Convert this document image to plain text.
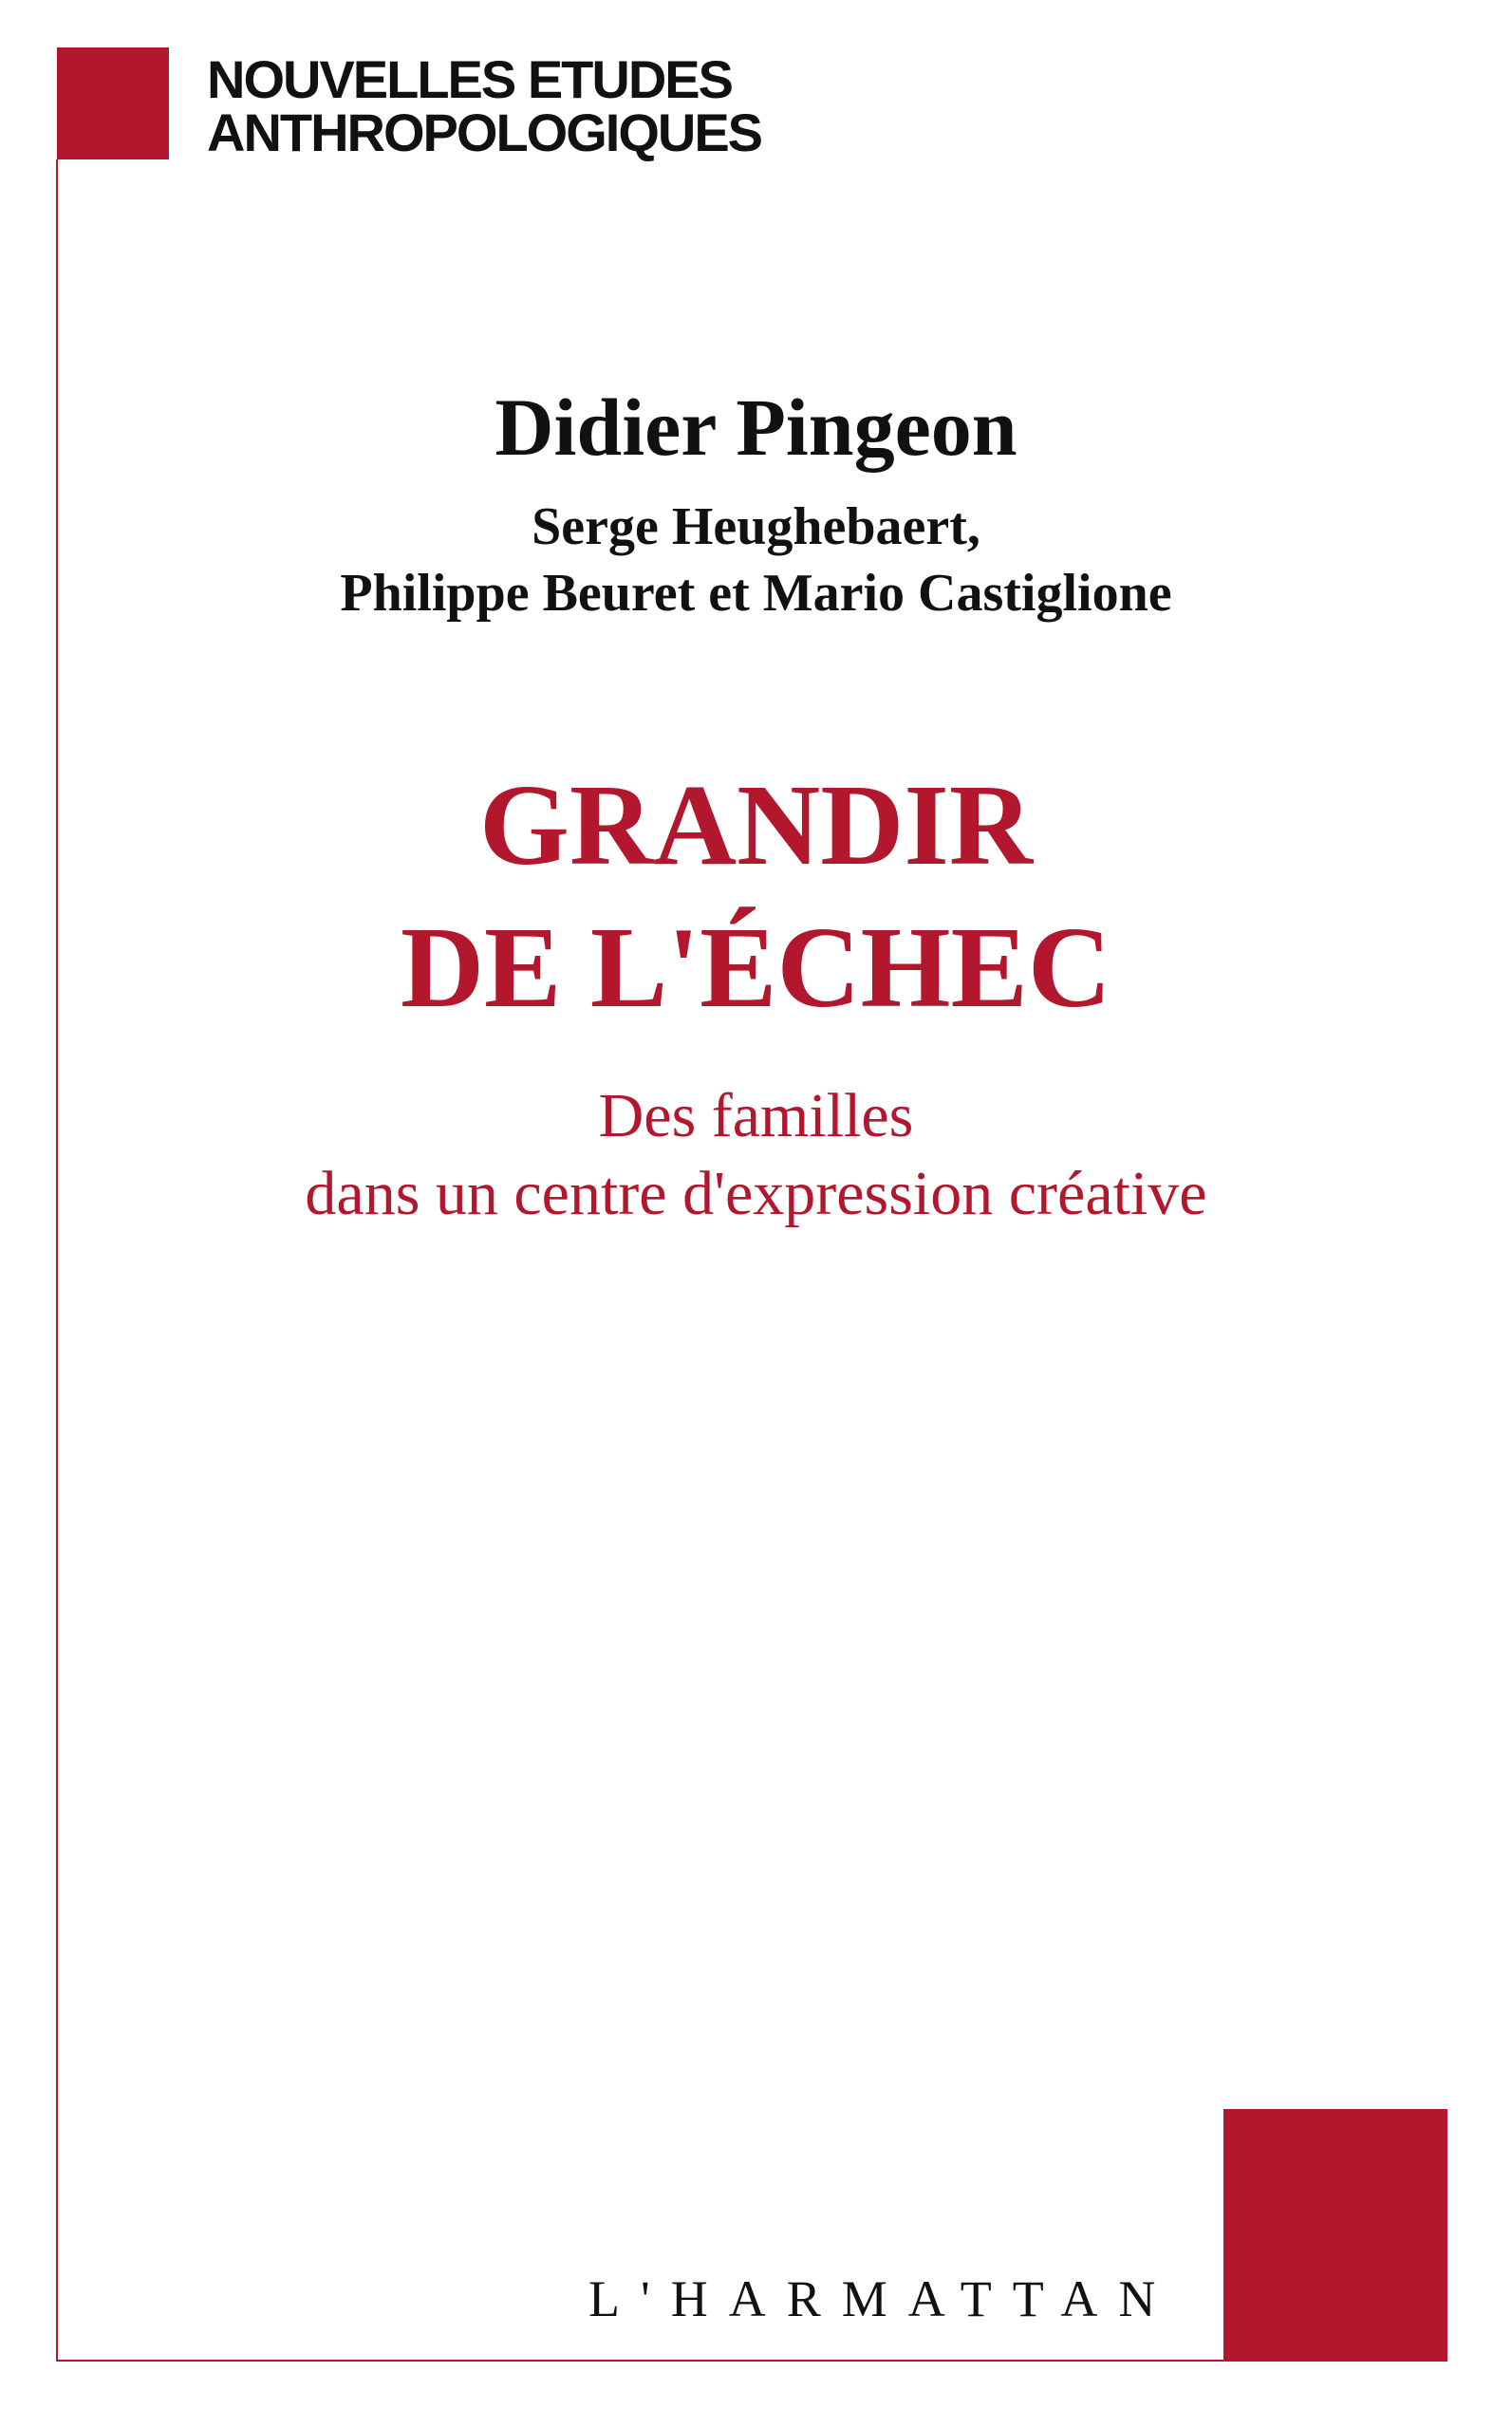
NOUVELLES ETUDES
ANTHROPOLOGIQUES
Didier Pingeon
Serge Heughebaert,
Philippe Beuret et Mario Castiglione
GRANDIR
DE L'ÉCHEC
Des familles
dans un centre d'expression créative
L'HARMATTAN
